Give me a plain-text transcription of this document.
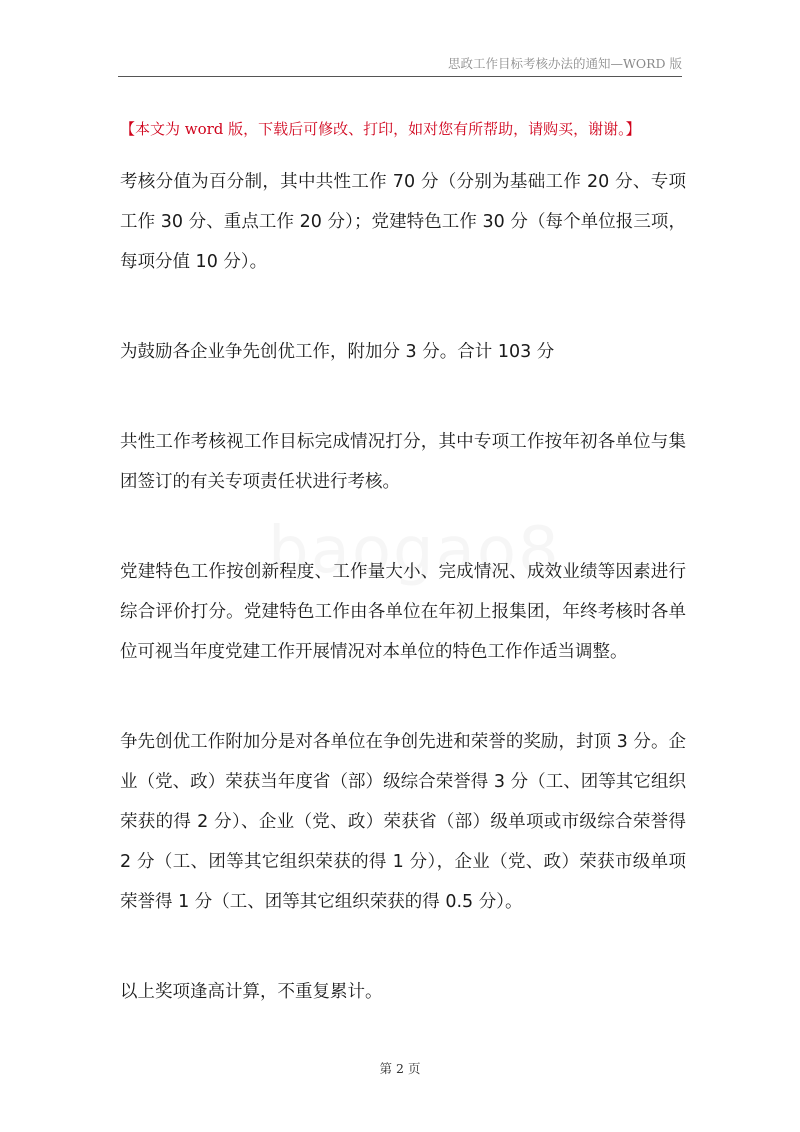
思政工作目标考核办法的通知—WORD 版
【本文为 word 版，下载后可修改、打印，如对您有所帮助，请购买，谢谢。】

考核分值为百分制，其中共性工作 70 分（分别为基础工作 20 分、专项工作 30 分、重点工作 20 分）；党建特色工作 30 分（每个单位报三项，每项分值 10 分）。

为鼓励各企业争先创优工作，附加分 3 分。合计 103 分

共性工作考核视工作目标完成情况打分，其中专项工作按年初各单位与集团签订的有关专项责任状进行考核。

党建特色工作按创新程度、工作量大小、完成情况、成效业绩等因素进行综合评价打分。党建特色工作由各单位在年初上报集团，年终考核时各单位可视当年度党建工作开展情况对本单位的特色工作作适当调整。

争先创优工作附加分是对各单位在争创先进和荣誉的奖励，封顶 3 分。企业（党、政）荣获当年度省（部）级综合荣誉得 3 分（工、团等其它组织荣获的得 2 分）、企业（党、政）荣获省（部）级单项或市级综合荣誉得 2 分（工、团等其它组织荣获的得 1 分），企业（党、政）荣获市级单项荣誉得 1 分（工、团等其它组织荣获的得 0.5 分）。

以上奖项逢高计算，不重复累计。

第 2 页
